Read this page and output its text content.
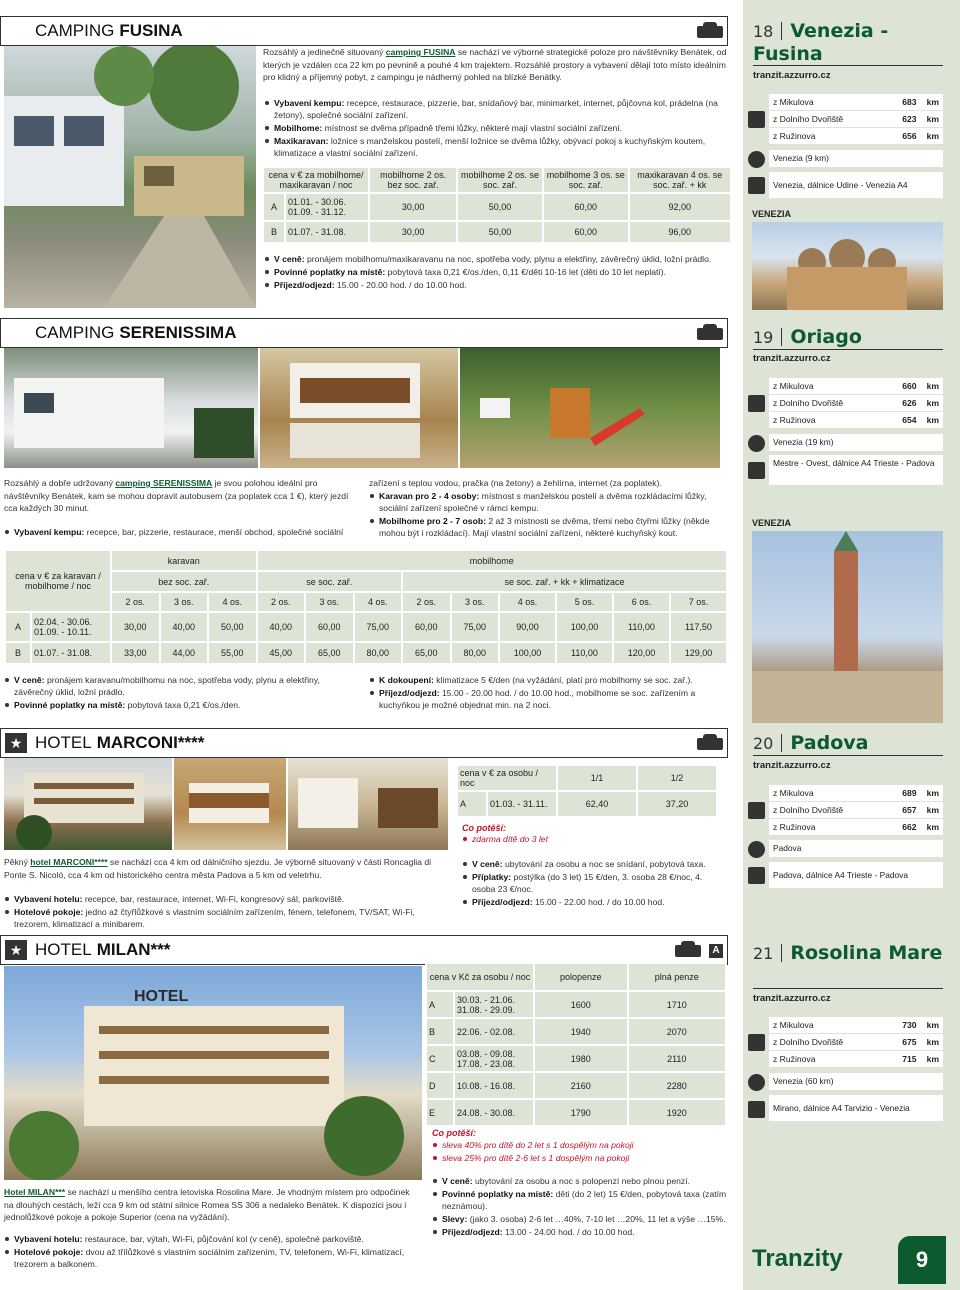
CAMPING FUSINA

Rozsáhlý a jedinečně situovaný camping FUSINA se nachází ve výborné strategické poloze pro návštěvníky Benátek, od kterých je vzdálen cca 22 km po pevnině a pouhé 4 km trajektem. Rozsáhlé prostory a vybavení dělají toto místo ideálním pro klidný a příjemný pobyt, z campingu je nádherný pohled na blízké Benátky.

Vybavení kempu: recepce, restaurace, pizzerie, bar, snídaňový bar, minimarket, internet, půjčovna kol, prádelna (na žetony), společné sociální zařízení.
Mobilhome: místnost se dvěma případně třemi lůžky, některé mají vlastní sociální zařízení.
Maxikaravan: ložnice s manželskou postelí, menší ložnice se dvěma lůžky, obývací pokoj s kuchyňským koutem, klimatizace a vlastní sociální zařízení.
cena v € za mobilhome/ maxikaravan / noc		mobilhome 2 os. bez soc. zař.	mobilhome 2 os. se soc. zař.	mobilhome 3 os. se soc. zař.	maxikaravan 4 os. se soc. zař. + kk
A	01.01. - 30.06. 01.09. - 31.12.	30,00	50,00	60,00	92,00
B	01.07. - 31.08.	30,00	50,00	60,00	96,00
V ceně: pronájem mobilhomu/maxikaravanu na noc, spotřeba vody, plynu a elektřiny, závěrečný úklid, ložní prádlo.
Povinné poplatky na místě: pobytová taxa 0,21 €/os./den, 0,11 €/děti 10-16 let (děti do 10 let neplatí).
Příjezd/odjezd: 15.00 - 20.00 hod. / do 10.00 hod.
CAMPING SERENISSIMA

Rozsáhlý a dobře udržovaný camping SERENISSIMA je svou polohou ideální pro návštěvníky Benátek, kam se mohou dopravit autobusem (za poplatek cca 1 €), který jezdí cca každých 30 minut.

Vybavení kempu: recepce, bar, pizzerie, restaurace, menší obchod, společné sociální

zařízení s teplou vodou, pračka (na žetony) a žehlírna, internet (za poplatek).

Karavan pro 2 - 4 osoby: místnost s manželskou postelí a dvěma rozkládacími lůžky, sociální zařízení společné v rámci kempu.
Mobilhome pro 2 - 7 osob: 2 až 3 místnosti se dvěma, třemi nebo čtyřmi lůžky (někde mohou být i rozkládací). Mají vlastní sociální zařízení, některé kuchyňský kout.
cena v € za karavan / mobilhome / noc		karavan			mobilhome								
		bez soc. zař.			se soc. zař.			se soc. zař. + kk + klimatizace					
		2 os.	3 os.	4 os.	2 os.	3 os.	4 os.	2 os.	3 os.	4 os.	5 os.	6 os.	7 os.
A	02.04. - 30.06. 01.09. - 10.11.	30,00	40,00	50,00	40,00	60,00	75,00	60,00	75,00	90,00	100,00	110,00	117,50
B	01.07. - 31.08.	33,00	44,00	55,00	45,00	65,00	80,00	65,00	80,00	100,00	110,00	120,00	129,00
V ceně: pronájem karavanu/mobilhomu na noc, spotřeba vody, plynu a elektřiny, závěrečný úklid, ložní prádlo.
Povinné poplatky na místě: pobytová taxa 0,21 €/os./den.
K dokoupení: klimatizace 5 €/den (na vyžádání, platí pro mobilhomy se soc. zař.).
Příjezd/odjezd: 15.00 - 20.00 hod. / do 10.00 hod., mobilhome se soc. zařízením a kuchyňkou je možné objednat min. na 2 noci.
★ HOTEL MARCONI****
cena v € za osobu / noc		1/1	1/2
A	01.03. - 31.11.	62,40	37,20
Co potěší:
zdarma dítě do 3 let

Pěkný hotel MARCONI**** se nachází cca 4 km od dálničního sjezdu. Je výborně situovaný v části Roncaglia di Ponte S. Nicoló, cca 4 km od historického centra města Padova a 5 km od veletrhu.

Vybavení hotelu: recepce, bar, restaurace, internet, Wi-Fi, kongresový sál, parkoviště.
Hotelové pokoje: jedno až čtyřlůžkové s vlastním sociálním zařízením, fénem, telefonem, TV/SAT, Wi-Fi, trezorem, klimatizací a minibarem.
V ceně: ubytování za osobu a noc se snídaní, pobytová taxa.
Příplatky: postýlka (do 3 let) 15 €/den, 3. osoba 28 €/noc, 4. osoba 23 €/noc.
Příjezd/odjezd: 15.00 - 22.00 hod. / do 10.00 hod.
★ HOTEL MILAN***	A
HOTEL
cena v Kč za osobu / noc		polopenze	plná penze
A	30.03. - 21.06. 31.08. - 29.09.	1600	1710
B	22.06. - 02.08.	1940	2070
C	03.08. - 09.08. 17.08. - 23.08.	1980	2110
D	10.08. - 16.08.	2160	2280
E	24.08. - 30.08.	1790	1920
Co potěší:
sleva 40% pro dítě do 2 let s 1 dospělým na pokoji
sleva 25% pro dítě 2-6 let s 1 dospělým na pokoji

Hotel MILAN*** se nachází u menšího centra letoviska Rosolina Mare. Je vhodným místem pro odpočinek na dlouhých cestách, leží cca 9 km od státní silnice Romea SS 306 a nedaleko Benátek. K dispozici jsou i jednolůžkové pokoje a pokoje Superior (cena na vyžádání).

Vybavení hotelu: restaurace, bar, výtah, Wi-Fi, půjčování kol (v ceně), společné parkoviště.
Hotelové pokoje: dvou až třílůžkové s vlastním sociálním zařízením, TV, telefonem, Wi-Fi, klimatizací, trezorem a balkonem.
V ceně: ubytování za osobu a noc s polopenzí nebo plnou penzí.
Povinné poplatky na místě: děti (do 2 let) 15 €/den, pobytová taxa (zatím neznámou).
Slevy: (jako 3. osoba) 2-6 let …40%, 7-10 let …20%, 11 let a výše …15%.
Příjezd/odjezd: 13.00 - 24.00 hod. / do 10.00 hod.
18 Venezia - Fusina
tranzit.azzurro.cz
z Mikulova	683 km
z Dolního Dvořiště	623 km
z Ružinova	656 km
Venezia (9 km)
Venezia, dálnice Udine - Venezia A4
VENEZIA
19 Oriago
tranzit.azzurro.cz
z Mikulova	660 km
z Dolního Dvořiště	626 km
z Ružinova	654 km
Venezia (19 km)
Mestre - Ovest, dálnice A4 Trieste - Padova
VENEZIA
20 Padova
tranzit.azzurro.cz
z Mikulova	689 km
z Dolního Dvořiště	657 km
z Ružinova	662 km
Padova
Padova, dálnice A4 Trieste - Padova
21 Rosolina Mare
tranzit.azzurro.cz
z Mikulova	730 km
z Dolního Dvořiště	675 km
z Ružinova	715 km
Venezia (60 km)
Mirano, dálnice A4 Tarvizio - Venezia
Tranzity	9
